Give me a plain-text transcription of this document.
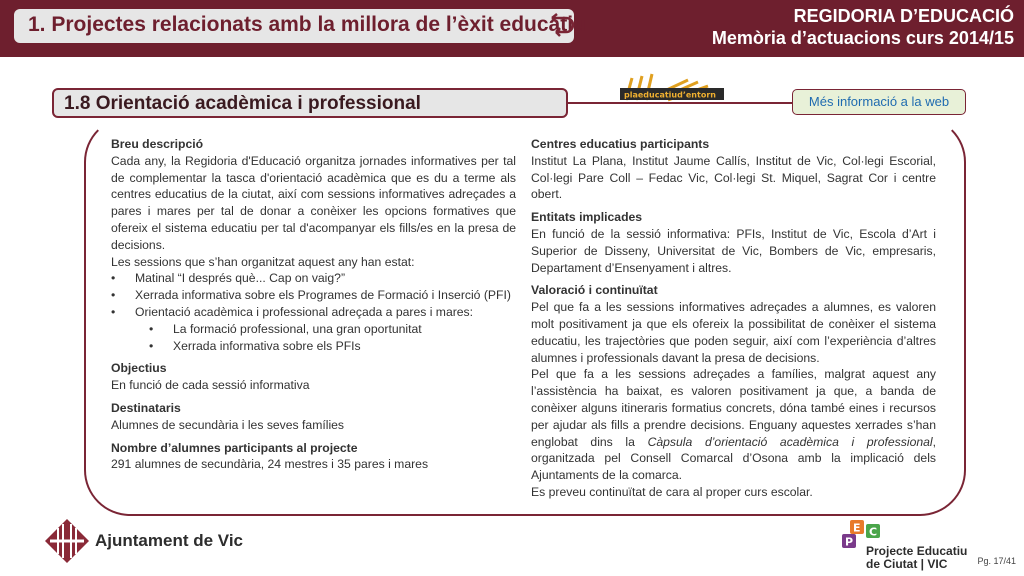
1. Projectes relacionats amb la millora de l’èxit educatiu	REGIDORIA D’EDUCACIÓ
Memòria d’actuacions curs 2014/15
plaeducatiud’entorn
1.8 Orientació acadèmica i professional	Més informació a la web
Breu descripció
Cada any, la Regidoria d'Educació organitza jornades informatives per tal de complementar la tasca d'orientació acadèmica que es du a terme als centres educatius de la ciutat, així com sessions informatives adreçades a pares i mares per tal de donar a conèixer les opcions formatives que ofereix el sistema educatiu per tal d'acompanyar els fills/es en la presa de decisions.
Les sessions que s’han organitzat aquest any han estat:
•	Matinal “I després què... Cap on vaig?”
•	Xerrada informativa sobre els Programes de Formació i Inserció (PFI)
•	Orientació acadèmica i professional adreçada a pares i mares:
•	La formació professional, una gran oportunitat
•	Xerrada informativa sobre els PFIs
Objectius
En funció de cada sessió informativa
Destinataris
Alumnes de secundària i les seves famílies
Nombre d’alumnes participants al projecte
291 alumnes de secundària, 24 mestres i 35 pares i mares
Centres educatius participants
Institut La Plana, Institut Jaume Callís, Institut de Vic, Col·legi Escorial, Col·legi Pare Coll – Fedac Vic, Col·legi St. Miquel, Sagrat Cor i centre obert.
Entitats implicades
En funció de la sessió informativa: PFIs, Institut de Vic, Escola d’Art i Superior de Disseny, Universitat de Vic, Bombers de Vic, empresaris, Departament d’Ensenyament i altres.
Valoració i continuïtat
Pel que fa a les sessions informatives adreçades a alumnes, es valoren molt positivament ja que els ofereix la possibilitat de conèixer el sistema educatiu, les trajectòries que poden seguir, així com l’experiència d’altres alumnes i professionals davant la presa de decisions.
Pel que fa a les sessions adreçades a famílies, malgrat aquest any l’assistència ha baixat, es valoren positivament ja que, a banda de conèixer alguns itineraris formatius concrets, dóna també eines i recursos per ajudar als fills a prendre decisions. Enguany aquestes xerrades s’han englobat dins la Càpsula d’orientació acadèmica i professional, organitzada pel Consell Comarcal d’Osona amb la implicació dels Ajuntaments de la comarca.
Es preveu continuïtat de cara al proper curs escolar.
Ajuntament de Vic
E C
P
Projecte Educatiu
de Ciutat | VIC	Pg. 17/41
